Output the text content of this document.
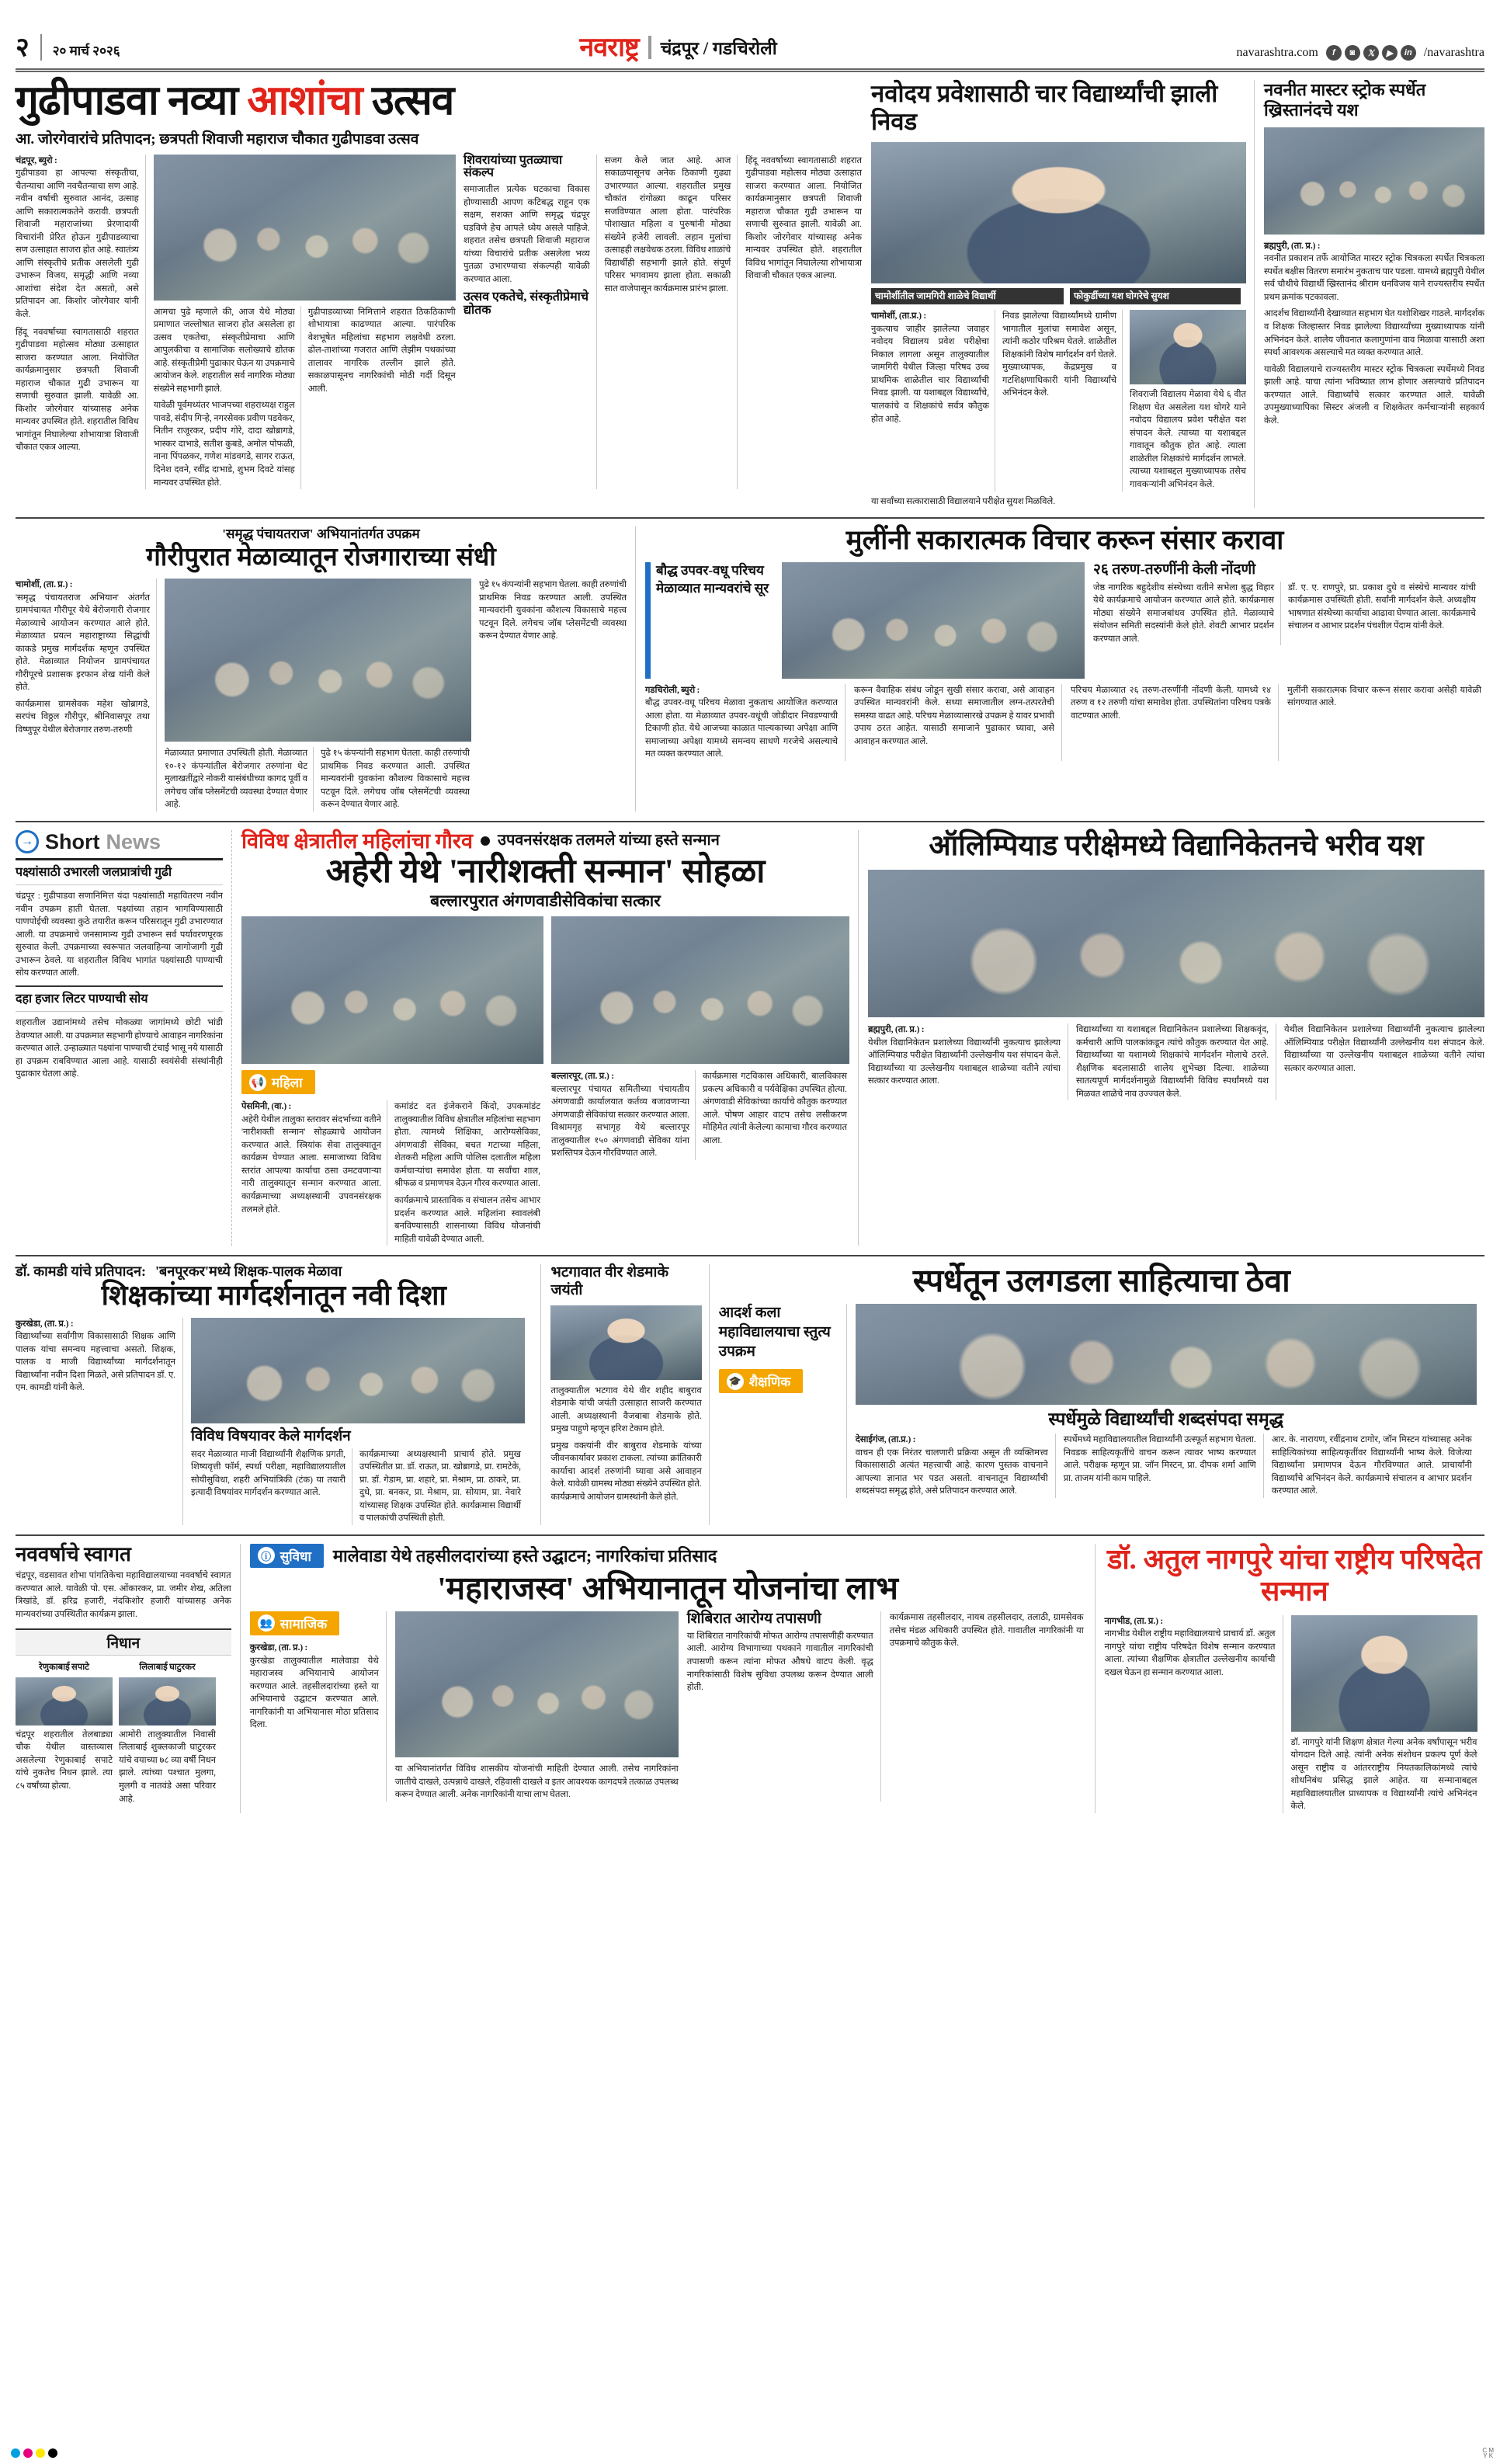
२ २० मार्च २०२६	नवराष्ट्र चंद्रपूर / गडचिरोली	navarashtra.com	f	◙	𝕏	▶	in /navarashtra
गुढीपाडवा नव्या आशांचा उत्सव
आ. जोरगेवारांचे प्रतिपादन; छत्रपती शिवाजी महाराज चौकात गुढीपाडवा उत्सव
चंद्रपूर, ब्युरो :
गुढीपाडवा हा आपल्या संस्कृतीचा, चैतन्याचा आणि नवचैतन्याचा सण आहे. नवीन वर्षाची सुरुवात आनंद, उत्साह आणि सकारात्मकतेने करावी. छत्रपती शिवाजी महाराजांच्या प्रेरणादायी विचारांनी प्रेरित होऊन गुढीपाडव्याचा सण उत्साहात साजरा होत आहे. स्वातंत्र्य आणि संस्कृतीचे प्रतीक असलेली गुढी उभारून विजय, समृद्धी आणि नव्या आशांचा संदेश देत असतो, असे प्रतिपादन आ. किशोर जोरगेवार यांनी केले.
हिंदू नववर्षाच्या स्वागतासाठी शहरात गुढीपाडवा महोत्सव मोठ्या उत्साहात साजरा करण्यात आला. नियोजित कार्यक्रमानुसार छत्रपती शिवाजी महाराज चौकात गुढी उभारून या सणाची सुरुवात झाली. यावेळी आ. किशोर जोरगेवार यांच्यासह अनेक मान्यवर उपस्थित होते. शहरातील विविध भागांतून निघालेल्या शोभायात्रा शिवाजी चौकात एकत्र आल्या.
आमचा पुढे म्हणाले की, आज येथे मोठ्या प्रमाणात जल्लोषात साजरा होत असलेला हा उत्सव एकतेचा, संस्कृतीप्रेमाचा आणि आपुलकीचा व सामाजिक सलोख्याचे द्योतक आहे. संस्कृतीप्रेमी पुढाकार घेऊन या उपक्रमाचे आयोजन केले. शहरातील सर्व नागरिक मोठ्या संख्येने सहभागी झाले.
यावेळी पूर्वमध्यंतर भाजपच्या शहराध्यक्ष राहुल पावडे, संदीप गिऱ्हे, नगरसेवक प्रवीण पडवेकर, नितीन राजूरकर, प्रदीप गोरे, दादा खोब्रागडे, भास्कर दाभाडे, सतीश कुबडे, अमोल पोफळी, नाना पिंपळकर, गणेश मांडवगडे, सागर राऊत, दिनेश दवने, रवींद्र दाभाडे, शुभम दिवटे यांसह मान्यवर उपस्थित होते.
गुढीपाडव्याच्या निमित्ताने शहरात ठिकठिकाणी शोभायात्रा काढण्यात आल्या. पारंपरिक वेशभूषेत महिलांचा सहभाग लक्षवेधी ठरला. ढोल-ताशांच्या गजरात आणि लेझीम पथकांच्या तालावर नागरिक तल्लीन झाले होते. सकाळपासूनच नागरिकांची मोठी गर्दी दिसून आली.
शिवरायांच्या पुतळ्याचा संकल्प
समाजातील प्रत्येक घटकाचा विकास होण्यासाठी आपण कटिबद्ध राहून एक सक्षम, सशक्त आणि समृद्ध चंद्रपूर घडविणे हेच आपले ध्येय असले पाहिजे. शहरात तसेच छत्रपती शिवाजी महाराज यांच्या विचारांचे प्रतीक असलेला भव्य पुतळा उभारण्याचा संकल्पही यावेळी करण्यात आला.
उत्सव एकतेचे, संस्कृतीप्रेमाचे द्योतक
सजग केले जात आहे. आज सकाळपासूनच अनेक ठिकाणी गुढ्या उभारण्यात आल्या. शहरातील प्रमुख चौकांत रांगोळ्या काढून परिसर सजविण्यात आला होता. पारंपरिक पोशाखात महिला व पुरुषांनी मोठ्या संख्येने हजेरी लावली. लहान मुलांचा उत्साहही लक्षवेधक ठरला. विविध शाळांचे विद्यार्थीही सहभागी झाले होते. संपूर्ण परिसर भगवामय झाला होता. सकाळी सात वाजेपासून कार्यक्रमास प्रारंभ झाला.
हिंदू नववर्षाच्या स्वागतासाठी शहरात गुढीपाडवा महोत्सव मोठ्या उत्साहात साजरा करण्यात आला. नियोजित कार्यक्रमानुसार छत्रपती शिवाजी महाराज चौकात गुढी उभारून या सणाची सुरुवात झाली. यावेळी आ. किशोर जोरगेवार यांच्यासह अनेक मान्यवर उपस्थित होते. शहरातील विविध भागांतून निघालेल्या शोभायात्रा शिवाजी चौकात एकत्र आल्या.
नवोदय प्रवेशासाठी चार विद्यार्थ्यांची झाली निवड
चामोर्शीतील जामगिरी शाळेचे विद्यार्थी	फोकुर्डीच्या यश घोगरेचे सुयश
चामोर्शी, (ता.प्र.) :
नुकत्याच जाहीर झालेल्या जवाहर नवोदय विद्यालय प्रवेश परीक्षेचा निकाल लागला असून तालुक्यातील जामगिरी येथील जिल्हा परिषद उच्च प्राथमिक शाळेतील चार विद्यार्थ्यांची निवड झाली. या यशाबद्दल विद्यार्थ्यांचे, पालकांचे व शिक्षकांचे सर्वत्र कौतुक होत आहे.
निवड झालेल्या विद्यार्थ्यांमध्ये ग्रामीण भागातील मुलांचा समावेश असून, त्यांनी कठोर परिश्रम घेतले. शाळेतील शिक्षकांनी विशेष मार्गदर्शन वर्ग घेतले. मुख्याध्यापक, केंद्रप्रमुख व गटशिक्षणाधिकारी यांनी विद्यार्थ्यांचे अभिनंदन केले.	शिवराजी विद्यालय मेळावा येथे ६ वीत शिक्षण घेत असलेला यश घोगरे याने नवोदय विद्यालय प्रवेश परीक्षेत यश संपादन केले. त्याच्या या यशाबद्दल गावातून कौतुक होत आहे. त्याला शाळेतील शिक्षकांचे मार्गदर्शन लाभले. त्याच्या यशाबद्दल मुख्याध्यापक तसेच गावकऱ्यांनी अभिनंदन केले.
या सर्वांच्या सत्कारासाठी विद्यालयाने परीक्षेत सुयश मिळविले.
नवनीत मास्टर स्ट्रोक स्पर्धेत ख्रिस्तानंदचे यश
ब्रह्मपुरी, (ता. प्र.) :
नवनीत प्रकाशन तर्फे आयोजित मास्टर स्ट्रोक चित्रकला स्पर्धेत चित्रकला स्पर्धेत बक्षीस वितरण समारंभ नुकताच पार पडला. यामध्ये ब्रह्मपुरी येथील सर्व चौथीचे विद्यार्थी ख्रिस्तानंद श्रीराम धनविजय याने राज्यस्तरीय स्पर्धेत प्रथम क्रमांक पटकावला.
आदर्शच विद्यार्थ्यांनी देखाव्यात सहभाग घेत यशोशिखर गाठले. मार्गदर्शक व शिक्षक जिल्हास्तर निवड झालेल्या विद्यार्थ्यांच्या मुख्याध्यापक यांनी अभिनंदन केले. शालेय जीवनात कलागुणांना वाव मिळावा यासाठी अशा स्पर्धा आवश्यक असल्याचे मत व्यक्त करण्यात आले.
यावेळी विद्यालयाचे राज्यस्तरीय मास्टर स्ट्रोक चित्रकला स्पर्धेमध्ये निवड झाली आहे. याचा त्यांना भविष्यात लाभ होणार असल्याचे प्रतिपादन करण्यात आले. विद्यार्थ्यांचे सत्कार करण्यात आले. यावेळी उपमुख्याध्यापिका सिस्टर अंजली व शिक्षकेतर कर्मचाऱ्यांनी सहकार्य केले.
'समृद्ध पंचायतराज' अभियानांतर्गत उपक्रम
गौरीपुरात मेळाव्यातून रोजगाराच्या संधी
चामोर्शी, (ता. प्र.) :
'समृद्ध पंचायतराज अभियान' अंतर्गत ग्रामपंचायत गौरीपूर येथे बेरोजगारी रोजगार मेळाव्याचे आयोजन करण्यात आले होते. मेळाव्यात प्रयत्न महाराष्ट्राच्या सिद्धांची काकडे प्रमुख मार्गदर्शक म्हणून उपस्थित होते. मेळाव्यात नियोजन ग्रामपंचायत गौरीपूरचे प्रशासक इरफान शेख यांनी केले होते.
कार्यक्रमास ग्रामसेवक महेश खोब्रागडे, सरपंच विठ्ठल गौरीपुर, श्रीनिवासपूर तथा विष्णुपूर येथील बेरोजगार तरुण-तरुणी
मेळाव्यात प्रमाणात उपस्थिती होती. मेळाव्यात १०-१२ कंपन्यांतील बेरोजगार तरुणांना थेट मुलाखतींद्वारे नोकरी यासंबंधीच्या कागद पूर्वी व लगेचच जॉब प्लेसमेंटची व्यवस्था देण्यात येणार आहे.
पुढे १५ कंपन्यांनी सहभाग घेतला. काही तरुणांची प्राथमिक निवड करण्यात आली. उपस्थित मान्यवरांनी युवकांना कौशल्य विकासाचे महत्त्व पटवून दिले. लगेचच जॉब प्लेसमेंटची व्यवस्था करून देण्यात येणार आहे.
पुढे १५ कंपन्यांनी सहभाग घेतला. काही तरुणांची प्राथमिक निवड करण्यात आली. उपस्थित मान्यवरांनी युवकांना कौशल्य विकासाचे महत्त्व पटवून दिले. लगेचच जॉब प्लेसमेंटची व्यवस्था करून देण्यात येणार आहे.
मुलींनी सकारात्मक विचार करून संसार करावा
बौद्ध उपवर-वधू परिचय मेळाव्यात मान्यवरांचे सूर
२६ तरुण-तरुणींनी केली नोंदणी
जेष्ठ नागरिक बहुदेशीय संस्थेच्या वतीने सभेला बुद्ध विहार येथे कार्यक्रमाचे आयोजन करण्यात आले होते. कार्यक्रमास मोठ्या संख्येने समाजबांधव उपस्थित होते. मेळाव्याचे संयोजन समिती सदस्यांनी केले होते. शेवटी आभार प्रदर्शन करण्यात आले.
डॉ. ए. ए. राणपुरे, प्रा. प्रकाश दुधे व संस्थेचे मान्यवर यांची कार्यक्रमास उपस्थिती होती. सर्वांनी मार्गदर्शन केले. अध्यक्षीय भाषणात संस्थेच्या कार्याचा आढावा घेण्यात आला. कार्यक्रमाचे संचालन व आभार प्रदर्शन पंचशील पेंदाम यांनी केले.
गडचिरोली, ब्युरो :
बौद्ध उपवर-वधू परिचय मेळावा नुकताच आयोजित करण्यात आला होता. या मेळाव्यात उपवर-वधूंची जोडीदार निवडण्याची टिकाणी होत. येथे आजच्या काळात पाल्यकाच्या अपेक्षा आणि समाजाच्या अपेक्षा यामध्ये समन्वय साधणे गरजेचे असल्याचे मत व्यक्त करण्यात आले.
करून वैवाहिक संबंध जोडून सुखी संसार करावा, असे आवाहन उपस्थित मान्यवरांनी केले. सध्या समाजातील लग्न-तत्परतेची समस्या वाढत आहे. परिचय मेळाव्यासारखे उपक्रम हे यावर प्रभावी उपाय ठरत आहेत. यासाठी समाजाने पुढाकार घ्यावा, असे आवाहन करण्यात आले.
परिचय मेळाव्यात २६ तरुण-तरुणींनी नोंदणी केली. यामध्ये १४ तरुण व १२ तरुणी यांचा समावेश होता. उपस्थितांना परिचय पत्रके वाटण्यात आली.
मुलींनी सकारात्मक विचार करून संसार करावा असेही यावेळी सांगण्यात आले.
→ Short News
पक्ष्यांसाठी उभारली जलप्रात्रांची गुढी
चंद्रपूर : गुढीपाडवा सणानिमित्त यंदा पक्ष्यांसाठी महावितरण नवीन नवीन उपक्रम हाती घेतला. पक्ष्यांच्या तहान भागविण्यासाठी पाणपोईची व्यवस्था कुठे तयारीत करून परिसरातून गुढी उभारण्यात आली. या उपक्रमाचे जनसामान्य गुढी उभारून सर्व पर्यावरणपूरक सुरुवात केली. उपक्रमाच्या स्वरूपात जलवाहिन्या जागोजागी गुढी उभारून ठेवले. या शहरातील विविध भागांत पक्ष्यांसाठी पाण्याची सोय करण्यात आली.
दहा हजार लिटर पाण्याची सोय
शहरातील उद्यानांमध्ये तसेच मोकळ्या जागांमध्ये छोटी भांडी ठेवण्यात आली. या उपक्रमात सहभागी होण्याचे आवाहन नागरिकांना करण्यात आले. उन्हाळ्यात पक्ष्यांना पाण्याची टंचाई भासू नये यासाठी हा उपक्रम राबविण्यात आला आहे. यासाठी स्वयंसेवी संस्थांनीही पुढाकार घेतला आहे.
विविध क्षेत्रातील महिलांचा गौरव उपवनसंरक्षक तलमले यांच्या हस्ते सन्मान
अहेरी येथे 'नारीशक्ती सन्मान' सोहळा
बल्लारपुरात अंगणवाडीसेविकांचा सत्कार
📢 महिला
पेसमिनी, (वा.) :
अहेरी येथील तालुका स्तरावर संदर्भाच्या वतीने 'नारीशक्ती सन्मान' सोहळ्याचे आयोजन करण्यात आले. स्त्रियांक सेवा तालुक्यातून कार्यक्रम घेण्यात आला. समाजाच्या विविध स्तरांत आपल्या कार्याचा ठसा उमटवणाऱ्या नारी तालुक्यातून सन्मान करण्यात आला. कार्यक्रमाच्या अध्यक्षस्थानी उपवनसंरक्षक तलमले होते.
कमांडंट दत इंजेकराने किंदो, उपकमांडंट तालुक्यातील विविध क्षेत्रातील महिलांचा सहभाग होता. त्यामध्ये शिक्षिका, आरोग्यसेविका, अंगणवाडी सेविका, बचत गटाच्या महिला, शेतकरी महिला आणि पोलिस दलातील महिला कर्मचाऱ्यांचा समावेश होता. या सर्वांचा शाल, श्रीफळ व प्रमाणपत्र देऊन गौरव करण्यात आला.
कार्यक्रमाचे प्रास्ताविक व संचालन तसेच आभार प्रदर्शन करण्यात आले. महिलांना स्वावलंबी बनविण्यासाठी शासनाच्या विविध योजनांची माहिती यावेळी देण्यात आली.
बल्लारपूर, (ता. प्र.) :
बल्लारपूर पंचायत समितीच्या पंचायतीय अंगणवाडी कार्यालयात कर्तव्य बजावणाऱ्या अंगणवाडी सेविकांचा सत्कार करण्यात आला. विश्रामगृह सभागृह येथे बल्लारपूर तालुक्यातील १५० अंगणवाडी सेविका यांना प्रशस्तिपत्र देऊन गौरविण्यात आले.
कार्यक्रमास गटविकास अधिकारी, बालविकास प्रकल्प अधिकारी व पर्यवेक्षिका उपस्थित होत्या. अंगणवाडी सेविकांच्या कार्याचे कौतुक करण्यात आले. पोषण आहार वाटप तसेच लसीकरण मोहिमेत त्यांनी केलेल्या कामाचा गौरव करण्यात आला.
ऑलिम्पियाड परीक्षेमध्ये विद्यानिकेतनचे भरीव यश
ब्रह्मपुरी, (ता. प्र.) :
येथील विद्यानिकेतन प्रशालेच्या विद्यार्थ्यांनी नुकत्याच झालेल्या ऑलिम्पियाड परीक्षेत विद्यार्थ्यांनी उल्लेखनीय यश संपादन केले. विद्यार्थ्यांच्या या उल्लेखनीय यशाबद्दल शाळेच्या वतीने त्यांचा सत्कार करण्यात आला.
विद्यार्थ्यांच्या या यशाबद्दल विद्यानिकेतन प्रशालेच्या शिक्षकवृंद, कर्मचारी आणि पालकांकडून त्यांचे कौतुक करण्यात येत आहे. विद्यार्थ्यांच्या या यशामध्ये शिक्षकांचे मार्गदर्शन मोलाचे ठरले. शैक्षणिक बदलासाठी शालेय शुभेच्छा दिल्या. शाळेच्या सातत्यपूर्ण मार्गदर्शनामुळे विद्यार्थ्यांनी विविध स्पर्धांमध्ये यश मिळवत शाळेचे नाव उज्ज्वल केले.
येथील विद्यानिकेतन प्रशालेच्या विद्यार्थ्यांनी नुकत्याच झालेल्या ऑलिम्पियाड परीक्षेत विद्यार्थ्यांनी उल्लेखनीय यश संपादन केले. विद्यार्थ्यांच्या या उल्लेखनीय यशाबद्दल शाळेच्या वतीने त्यांचा सत्कार करण्यात आला.
डॉ. कामडी यांचे प्रतिपादन: 'बनपूरकर'मध्ये शिक्षक-पालक मेळावा
शिक्षकांच्या मार्गदर्शनातून नवी दिशा
कुरखेडा, (ता. प्र.) :
विद्यार्थ्यांच्या सर्वांगीण विकासासाठी शिक्षक आणि पालक यांचा समन्वय महत्त्वाचा असतो. शिक्षक, पालक व माजी विद्यार्थ्यांच्या मार्गदर्शनातून विद्यार्थ्यांना नवीन दिशा मिळते, असे प्रतिपादन डॉ. ए. एम. कामडी यांनी केले.
विविध विषयावर केले मार्गदर्शन
सदर मेळाव्यात माजी विद्यार्थ्यांनी शैक्षणिक प्रगती, शिष्यवृत्ती फॉर्म, स्पर्धा परीक्षा, महाविद्यालयातील सोयीसुविधा, शहरी अभियांत्रिकी (टंक) या तयारी इत्यादी विषयांवर मार्गदर्शन करण्यात आले.
कार्यक्रमाच्या अध्यक्षस्थानी प्राचार्य होते. प्रमुख उपस्थितीत प्रा. डॉ. राऊत, प्रा. खोब्रागडे, प्रा. रामटेके, प्रा. डॉ. गेडाम, प्रा. शहारे, प्रा. मेश्राम, प्रा. ठाकरे, प्रा. दुधे, प्रा. बनकर, प्रा. मेश्राम, प्रा. सोयाम, प्रा. नेवारे यांच्यासह शिक्षक उपस्थित होते. कार्यक्रमास विद्यार्थी व पालकांची उपस्थिती होती.
भटगावात वीर शेडमाके जयंती
तालुक्यातील भटगाव येथे वीर शहीद बाबुराव शेडमाके यांची जयंती उत्साहात साजरी करण्यात आली. अध्यक्षस्थानी वैजबाबा शेडमाके होते. प्रमुख पाहुणे म्हणून हरिश टेकाम होते.
प्रमुख वक्त्यांनी वीर बाबुराव शेडमाके यांच्या जीवनकार्यावर प्रकाश टाकला. त्यांच्या क्रांतिकारी कार्याचा आदर्श तरुणांनी घ्यावा असे आवाहन केले. यावेळी ग्रामस्थ मोठ्या संख्येने उपस्थित होते. कार्यक्रमाचे आयोजन ग्रामस्थांनी केले होते.
स्पर्धेतून उलगडला साहित्याचा ठेवा
आदर्श कला महाविद्यालयाचा स्तुत्य उपक्रम
🎓 शैक्षणिक
स्पर्धेमुळे विद्यार्थ्यांची शब्दसंपदा समृद्ध
देसाईगंज, (ता.प्र.) :
वाचन ही एक निरंतर चालणारी प्रक्रिया असून ती व्यक्तिमत्त्व विकासासाठी अत्यंत महत्त्वाची आहे. कारण पुस्तक वाचनाने आपल्या ज्ञानात भर पडत असतो. वाचनातून विद्यार्थ्यांची शब्दसंपदा समृद्ध होते, असे प्रतिपादन करण्यात आले.
स्पर्धेमध्ये महाविद्यालयातील विद्यार्थ्यांनी उत्स्फूर्त सहभाग घेतला. निवडक साहित्यकृतींचे वाचन करून त्यावर भाष्य करण्यात आले. परीक्षक म्हणून प्रा. जॉन मिस्टन, प्रा. दीपक शर्मा आणि प्रा. ताजम यांनी काम पाहिले.
आर. के. नारायण, रवींद्रनाथ टागोर, जॉन मिस्टन यांच्यासह अनेक साहित्यिकांच्या साहित्यकृतींवर विद्यार्थ्यांनी भाष्य केले. विजेत्या विद्यार्थ्यांना प्रमाणपत्र देऊन गौरविण्यात आले. प्राचार्यांनी विद्यार्थ्यांचे अभिनंदन केले. कार्यक्रमाचे संचालन व आभार प्रदर्शन करण्यात आले.
नववर्षाचे स्वागत
चंद्रपूर, वडसावत शोभा पांगतिकेचा महाविद्यालयाच्या नववर्षाचे स्वागत करण्यात आले. यावेळी पो. एस. ओंकारकर, प्रा. जमीर शेख, अतिला त्रिखांडे, डॉ. हरिद्र हजारी, नंदकिशोर हजारी यांच्यासह अनेक मान्यवरांच्या उपस्थितीत कार्यक्रम झाला.
निधान
रेणुकाबाई सपाटे
चंद्रपूर शहरातील तेलबाड्या चौक येथील वास्तव्यास असलेल्या रेणुकाबाई सपाटे यांचे नुकतेच निधन झाले. त्या ८५ वर्षांच्या होत्या.
लिलाबाई घाटुरकर
आमोरी तालुक्यातील निवासी लिलाबाई शुक्लकाजी घाटुरकर यांचे वयाच्या ७८ व्या वर्षी निधन झाले. त्यांच्या पश्चात मुलगा, मुलगी व नातवंडे असा परिवार आहे.
ⓘ सुविधा मालेवाडा येथे तहसीलदारांच्या हस्ते उद्घाटन; नागरिकांचा प्रतिसाद
'महाराजस्व' अभियानातून योजनांचा लाभ
👥 सामाजिक
कुरखेडा, (ता. प्र.) :
कुरखेडा तालुक्यातील मालेवाडा येथे महाराजस्व अभियानाचे आयोजन करण्यात आले. तहसीलदारांच्या हस्ते या अभियानाचे उद्घाटन करण्यात आले. नागरिकांनी या अभियानास मोठा प्रतिसाद दिला.
या अभियानांतर्गत विविध शासकीय योजनांची माहिती देण्यात आली. तसेच नागरिकांना जातीचे दाखले, उत्पन्नाचे दाखले, रहिवासी दाखले व इतर आवश्यक कागदपत्रे तत्काळ उपलब्ध करून देण्यात आली. अनेक नागरिकांनी याचा लाभ घेतला.
शिबिरात आरोग्य तपासणी
या शिबिरात नागरिकांची मोफत आरोग्य तपासणीही करण्यात आली. आरोग्य विभागाच्या पथकाने गावातील नागरिकांची तपासणी करून त्यांना मोफत औषधे वाटप केली. वृद्ध नागरिकांसाठी विशेष सुविधा उपलब्ध करून देण्यात आली होती.
कार्यक्रमास तहसीलदार, नायब तहसीलदार, तलाठी, ग्रामसेवक तसेच मंडळ अधिकारी उपस्थित होते. गावातील नागरिकांनी या उपक्रमाचे कौतुक केले.
डॉ. अतुल नागपुरे यांचा राष्ट्रीय परिषदेत सन्मान
नागभीड, (ता. प्र.) :
नागभीड येथील राष्ट्रीय महाविद्यालयाचे प्राचार्य डॉ. अतुल नागपुरे यांचा राष्ट्रीय परिषदेत विशेष सन्मान करण्यात आला. त्यांच्या शैक्षणिक क्षेत्रातील उल्लेखनीय कार्याची दखल घेऊन हा सन्मान करण्यात आला.
डॉ. नागपुरे यांनी शिक्षण क्षेत्रात गेल्या अनेक वर्षांपासून भरीव योगदान दिले आहे. त्यांनी अनेक संशोधन प्रकल्प पूर्ण केले असून राष्ट्रीय व आंतरराष्ट्रीय नियतकालिकांमध्ये त्यांचे शोधनिबंध प्रसिद्ध झाले आहेत. या सन्मानाबद्दल महाविद्यालयातील प्राध्यापक व विद्यार्थ्यांनी त्यांचे अभिनंदन केले.
C M
Y K
